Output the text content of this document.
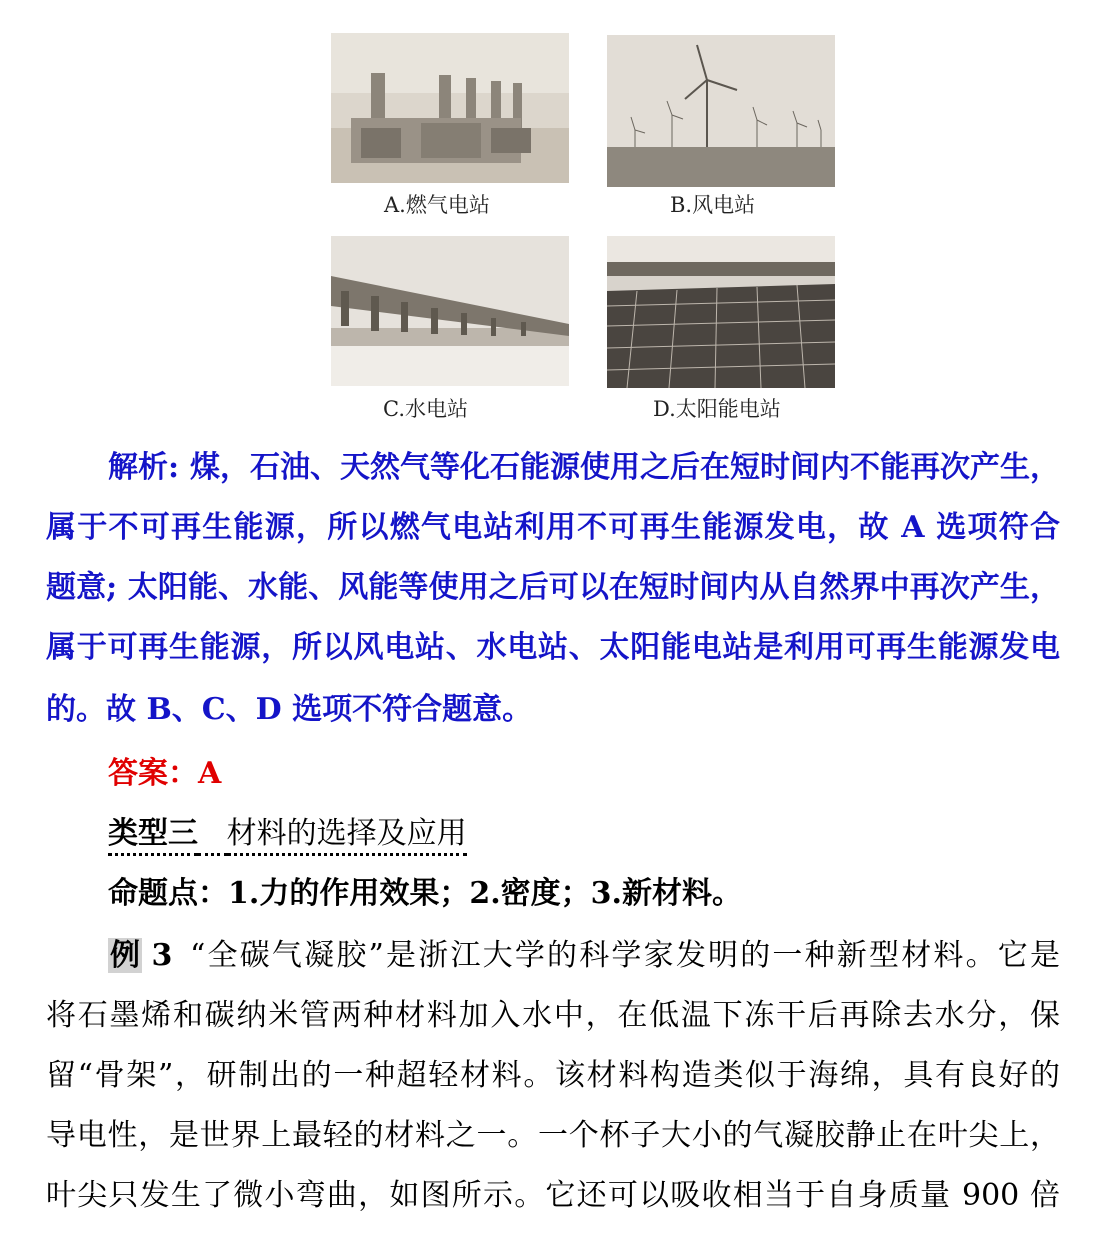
A.燃气电站	B.风电站
C.水电站	D.太阳能电站
解析: 煤，石油、天然气等化石能源使用之后在短时间内不能再次产生，
属于不可再生能源，所以燃气电站利用不可再生能源发电，故 A 选项符合
题意; 太阳能、水能、风能等使用之后可以在短时间内从自然界中再次产生，
属于可再生能源，所以风电站、水电站、太阳能电站是利用可再生能源发电
的。故 B、C、D 选项不符合题意。
答案：A
类型三 材料的选择及应用
命题点：1.力的作用效果；2.密度；3.新材料。
例 3 “全碳气凝胶”是浙江大学的科学家发明的一种新型材料。它是
将石墨烯和碳纳米管两种材料加入水中，在低温下冻干后再除去水分，保
留“骨架”，研制出的一种超轻材料。该材料构造类似于海绵，具有良好的
导电性，是世界上最轻的材料之一。一个杯子大小的气凝胶静止在叶尖上，
叶尖只发生了微小弯曲，如图所示。它还可以吸收相当于自身质量 900 倍
